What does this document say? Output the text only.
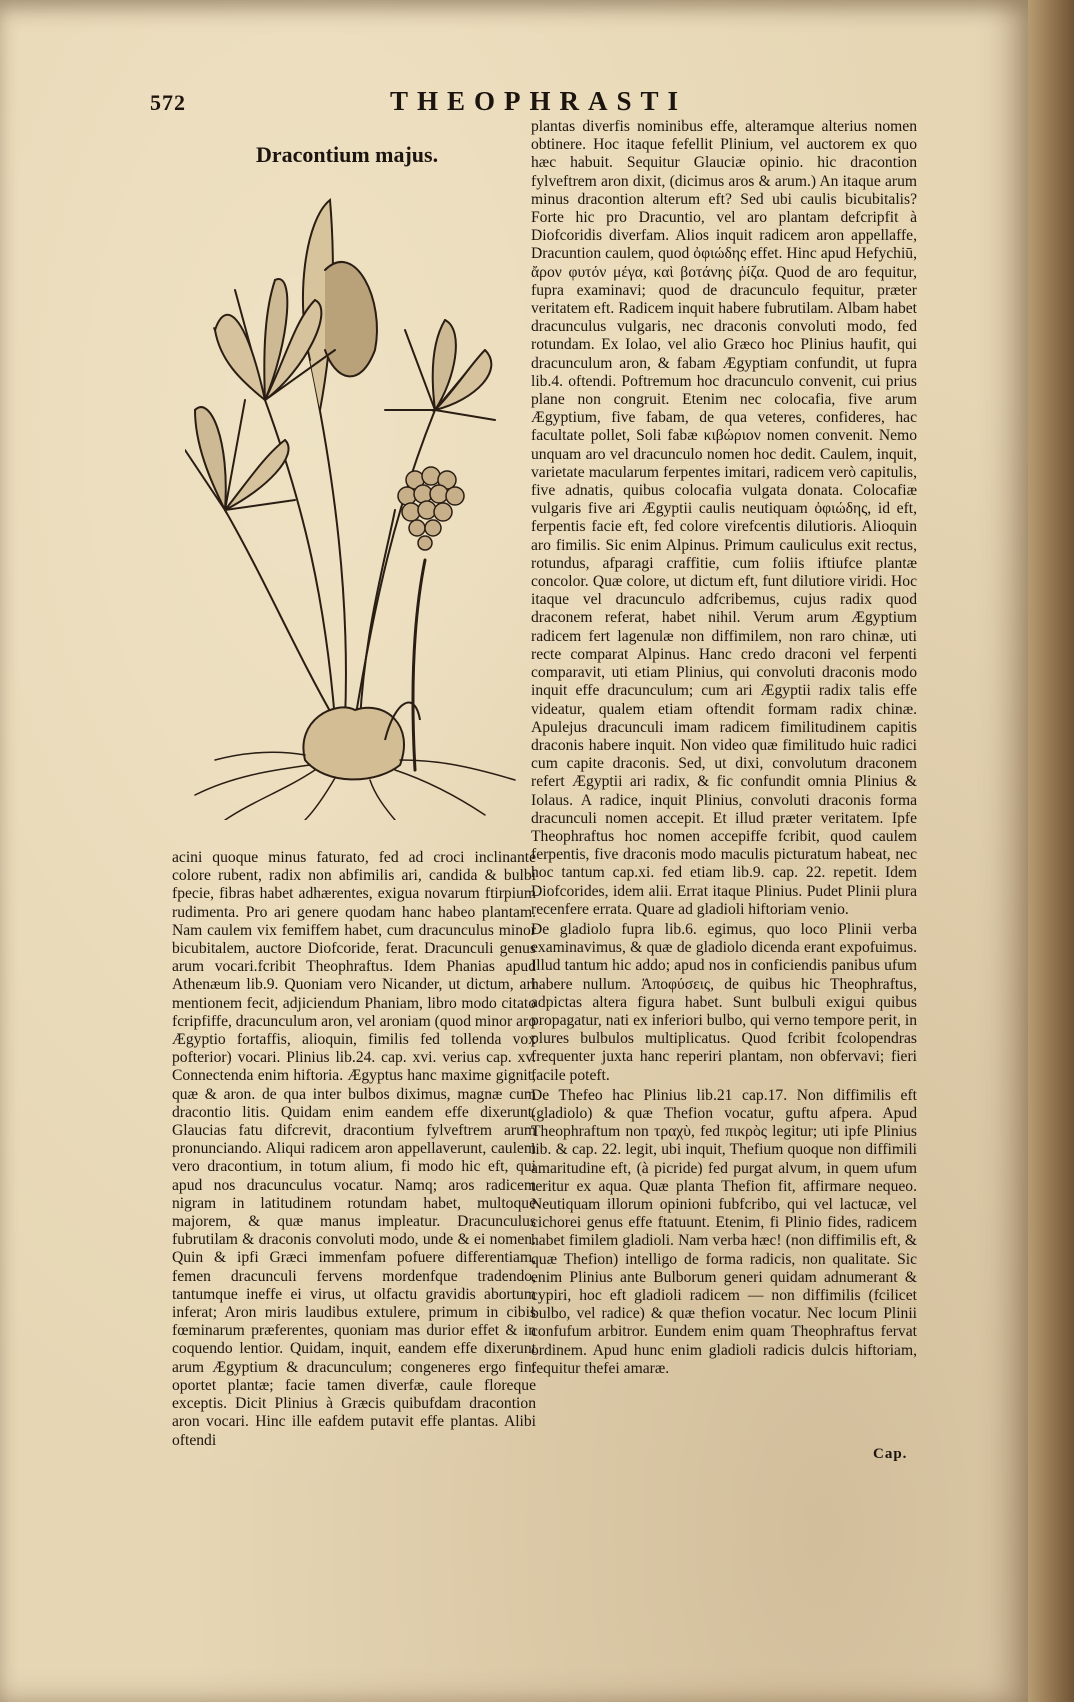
572	THEOPHRASTI
Dracontium majus.

acini quoque minus faturato, fed ad croci inclinante colore rubent, radix non abfimilis ari, candida & bulbi fpecie, fibras habet adhærentes, exigua novarum ftirpium rudimenta. Pro ari genere quodam hanc habeo plantam. Nam caulem vix femiffem habet, cum dracunculus minor bicubitalem, auctore Diofcoride, ferat. Dracunculi genus arum vocari.fcribit Theophraftus. Idem Phanias apud Athenæum lib.9. Quoniam vero Nicander, ut dictum, ari mentionem fecit, adjiciendum Phaniam, libro modo citato fcripfiffe, dracunculum aron, vel aroniam (quod minor aro Ægyptio fortaffis, alioquin, fimilis fed tollenda vox pofterior) vocari. Plinius lib.24. cap. xvi. verius cap. xv. Connectenda enim hiftoria. Ægyptus hanc maxime gignit, quæ & aron. de qua inter bulbos diximus, magnæ cum dracontio litis. Quidam enim eandem effe dixerunt. Glaucias fatu difcrevit, dracontium fylveftrem arum pronunciando. Aliqui radicem aron appellaverunt, caulem vero dracontium, in totum alium, fi modo hic eft, qui apud nos dracunculus vocatur. Namq; aros radicem nigram in latitudinem rotundam habet, multoque majorem, & quæ manus impleatur. Dracunculus fubrutilam & draconis convoluti modo, unde & ei nomen. Quin & ipfi Græci immenfam pofuere differentiam, femen dracunculi fervens mordenfque tradendo, tantumque ineffe ei virus, ut olfactu gravidis abortum inferat; Aron miris laudibus extulere, primum in cibis fœminarum præferentes, quoniam mas durior effet & in coquendo lentior. Quidam, inquit, eandem effe dixerunt arum Ægyptium & dracunculum; congeneres ergo fint oportet plantæ; facie tamen diverfæ, caule floreque exceptis. Dicit Plinius à Græcis quibufdam dracontion aron vocari. Hinc ille eafdem putavit effe plantas. Alibi oftendi

plantas diverfis nominibus effe, alteramque alterius nomen obtinere. Hoc itaque fefellit Plinium, vel auctorem ex quo hæc habuit. Sequitur Glauciæ opinio. hic dracontion fylveftrem aron dixit, (dicimus aros & arum.) An itaque arum minus dracontion alterum eft? Sed ubi caulis bicubitalis? Forte hic pro Dracuntio, vel aro plantam defcripfit à Diofcoridis diverfam. Alios inquit radicem aron appellaffe, Dracuntion caulem, quod ὀφιώδης effet. Hinc apud Hefychiū, ἄρον φυτόν μέγα, καὶ βοτάνης ῥίζα. Quod de aro fequitur, fupra examinavi; quod de dracunculo fequitur, præter veritatem eft. Radicem inquit habere fubrutilam. Albam habet dracunculus vulgaris, nec draconis convoluti modo, fed rotundam. Ex Iolao, vel alio Græco hoc Plinius haufit, qui dracunculum aron, & fabam Ægyptiam confundit, ut fupra lib.4. oftendi. Poftremum hoc dracunculo convenit, cui prius plane non congruit. Etenim nec colocafia, five arum Ægyptium, five fabam, de qua veteres, confideres, hac facultate pollet, Soli fabæ κιβώριον nomen convenit. Nemo unquam aro vel dracunculo nomen hoc dedit. Caulem, inquit, varietate macularum ferpentes imitari, radicem verò capitulis, five adnatis, quibus colocafia vulgata donata. Colocafiæ vulgaris five ari Ægyptii caulis neutiquam ὀφιώδης, id eft, ferpentis facie eft, fed colore virefcentis dilutioris. Alioquin aro fimilis. Sic enim Alpinus. Primum cauliculus exit rectus, rotundus, afparagi craffitie, cum foliis iftiufce plantæ concolor. Quæ colore, ut dictum eft, funt dilutiore viridi. Hoc itaque vel dracunculo adfcribemus, cujus radix quod draconem referat, habet nihil. Verum arum Ægyptium radicem fert lagenulæ non diffimilem, non raro chinæ, uti recte comparat Alpinus. Hanc credo draconi vel ferpenti comparavit, uti etiam Plinius, qui convoluti draconis modo inquit effe dracunculum; cum ari Ægyptii radix talis effe videatur, qualem etiam oftendit formam radix chinæ. Apulejus dracunculi imam radicem fimilitudinem capitis draconis habere inquit. Non video quæ fimilitudo huic radici cum capite draconis. Sed, ut dixi, convolutum draconem refert Ægyptii ari radix, & fic confundit omnia Plinius & Iolaus. A radice, inquit Plinius, convoluti draconis forma dracunculi nomen accepit. Et illud præter veritatem. Ipfe Theophraftus hoc nomen accepiffe fcribit, quod caulem ferpentis, five draconis modo maculis picturatum habeat, nec hoc tantum cap.xi. fed etiam lib.9. cap. 22. repetit. Idem Diofcorides, idem alii. Errat itaque Plinius. Pudet Plinii plura recenfere errata. Quare ad gladioli hiftoriam venio.

De gladiolo fupra lib.6. egimus, quo loco Plinii verba examinavimus, & quæ de gladiolo dicenda erant expofuimus. Illud tantum hic addo; apud nos in conficiendis panibus ufum habere nullum. Ἀποφύσεις, de quibus hic Theophraftus, adpictas altera figura habet. Sunt bulbuli exigui quibus propagatur, nati ex inferiori bulbo, qui verno tempore perit, in plures bulbulos multiplicatus. Quod fcribit fcolopendras frequenter juxta hanc reperiri plantam, non obfervavi; fieri facile poteft.

De Thefeo hac Plinius lib.21 cap.17. Non diffimilis eft (gladiolo) & quæ Thefion vocatur, guftu afpera. Apud Theophraftum non τραχὺ, fed πικρὸς legitur; uti ipfe Plinius lib. & cap. 22. legit, ubi inquit, Thefium quoque non diffimili amaritudine eft, (à picride) fed purgat alvum, in quem ufum teritur ex aqua. Quæ planta Thefion fit, affirmare nequeo. Neutiquam illorum opinioni fubfcribo, qui vel lactucæ, vel cichorei genus effe ftatuunt. Etenim, fi Plinio fides, radicem habet fimilem gladioli. Nam verba hæc! (non diffimilis eft, & quæ Thefion) intelligo de forma radicis, non qualitate. Sic enim Plinius ante Bulborum generi quidam adnumerant & cypiri, hoc eft gladioli radicem — non diffimilis (fcilicet bulbo, vel radice) & quæ thefion vocatur. Nec locum Plinii confufum arbitror. Eundem enim quam Theophraftus fervat ordinem. Apud hunc enim gladioli radicis dulcis hiftoriam, fequitur thefei amaræ.

Cap.
